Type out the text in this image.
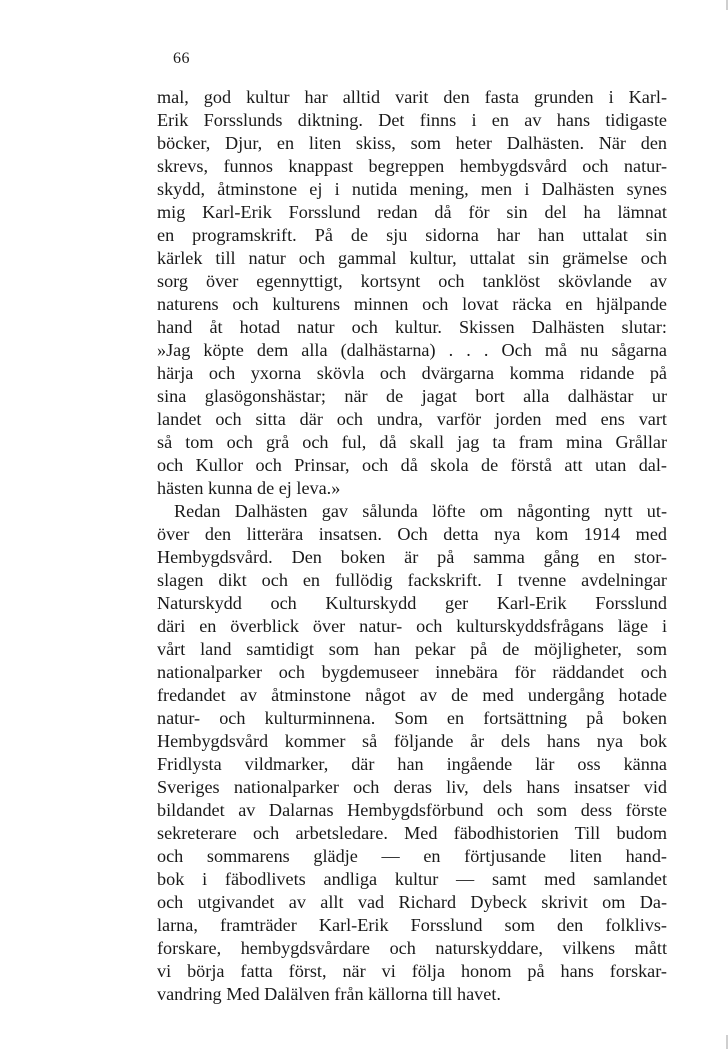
66
mal, god kultur har alltid varit den fasta grunden i Karl-
Erik Forsslunds diktning. Det finns i en av hans tidigaste
böcker, Djur, en liten skiss, som heter Dalhästen. När den
skrevs, funnos knappast begreppen hembygdsvård och natur-
skydd, åtminstone ej i nutida mening, men i Dalhästen synes
mig Karl-Erik Forsslund redan då för sin del ha lämnat
en programskrift. På de sju sidorna har han uttalat sin
kärlek till natur och gammal kultur, uttalat sin grämelse och
sorg över egennyttigt, kortsynt och tanklöst skövlande av
naturens och kulturens minnen och lovat räcka en hjälpande
hand åt hotad natur och kultur. Skissen Dalhästen slutar:
»Jag köpte dem alla (dalhästarna) . . . Och må nu sågarna
härja och yxorna skövla och dvärgarna komma ridande på
sina glasögonshästar; när de jagat bort alla dalhästar ur
landet och sitta där och undra, varför jorden med ens vart
så tom och grå och ful, då skall jag ta fram mina Grållar
och Kullor och Prinsar, och då skola de förstå att utan dal-
hästen kunna de ej leva.»
Redan Dalhästen gav sålunda löfte om någonting nytt ut-
över den litterära insatsen. Och detta nya kom 1914 med
Hembygdsvård. Den boken är på samma gång en stor-
slagen dikt och en fullödig fackskrift. I tvenne avdelningar
Naturskydd och Kulturskydd ger Karl-Erik Forsslund
däri en överblick över natur- och kulturskyddsfrågans läge i
vårt land samtidigt som han pekar på de möjligheter, som
nationalparker och bygdemuseer innebära för räddandet och
fredandet av åtminstone något av de med undergång hotade
natur- och kulturminnena. Som en fortsättning på boken
Hembygdsvård kommer så följande år dels hans nya bok
Fridlysta vildmarker, där han ingående lär oss känna
Sveriges nationalparker och deras liv, dels hans insatser vid
bildandet av Dalarnas Hembygdsförbund och som dess förste
sekreterare och arbetsledare. Med fäbodhistorien Till budom
och sommarens glädje — en förtjusande liten hand-
bok i fäbodlivets andliga kultur — samt med samlandet
och utgivandet av allt vad Richard Dybeck skrivit om Da-
larna, framträder Karl-Erik Forsslund som den folklivs-
forskare, hembygdsvårdare och naturskyddare, vilkens mått
vi börja fatta först, när vi följa honom på hans forskar-
vandring Med Dalälven från källorna till havet.
